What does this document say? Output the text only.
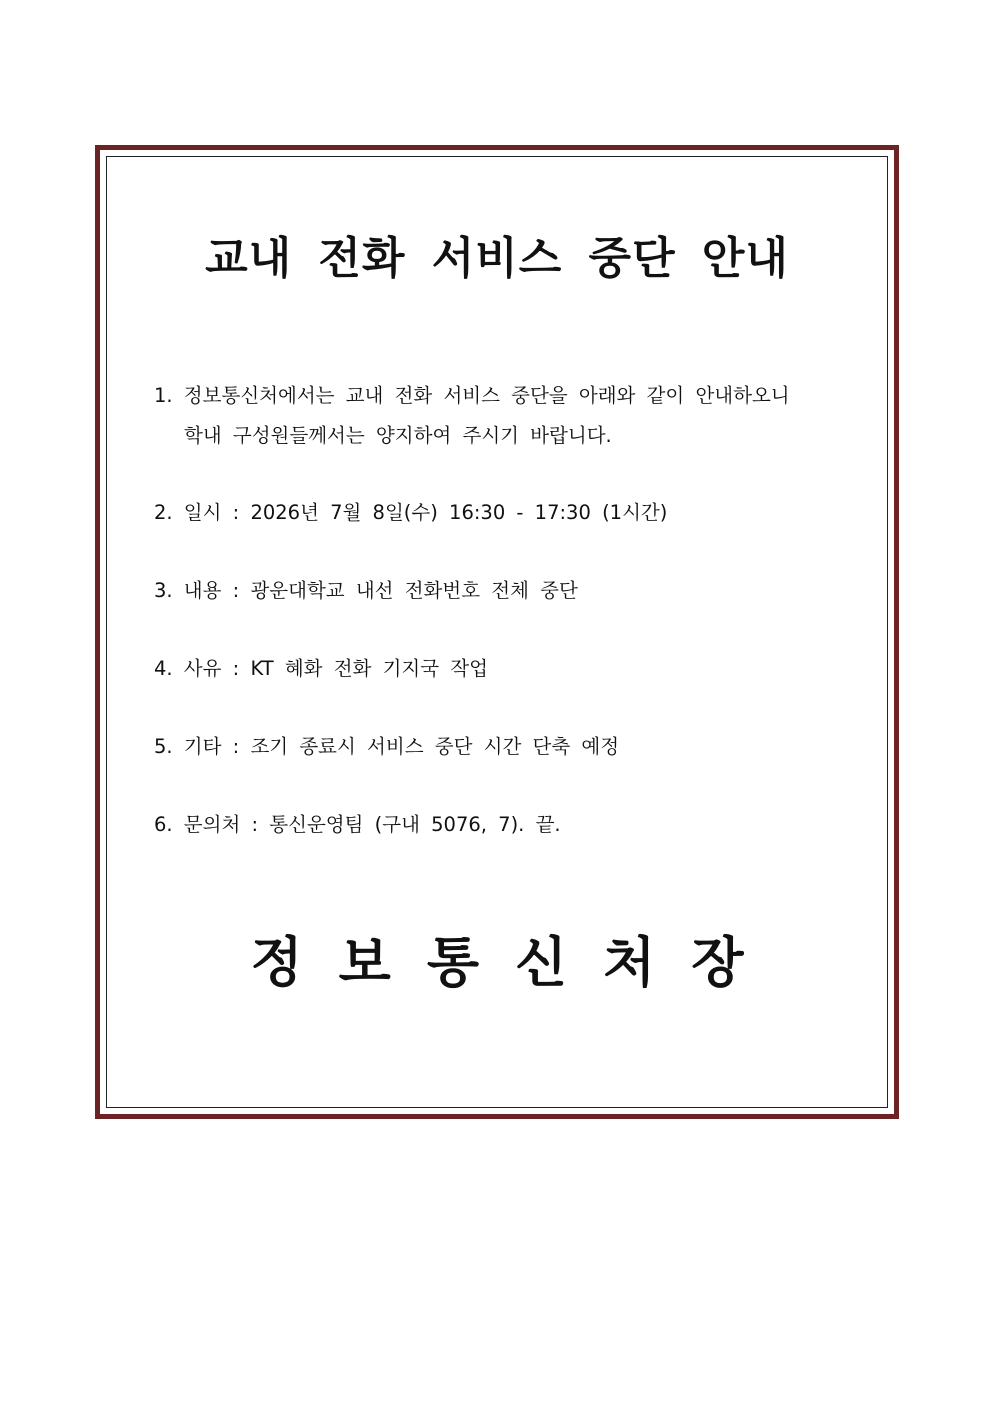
교내 전화 서비스 중단 안내
1. 정보통신처에서는 교내 전화 서비스 중단을 아래와 같이 안내하오니
학내 구성원들께서는 양지하여 주시기 바랍니다.
2. 일시 : 2026년 7월 8일(수) 16:30 - 17:30 (1시간)
3. 내용 : 광운대학교 내선 전화번호 전체 중단
4. 사유 : KT 혜화 전화 기지국 작업
5. 기타 : 조기 종료시 서비스 중단 시간 단축 예정
6. 문의처 : 통신운영팀 (구내 5076, 7). 끝.
정보통신처장
